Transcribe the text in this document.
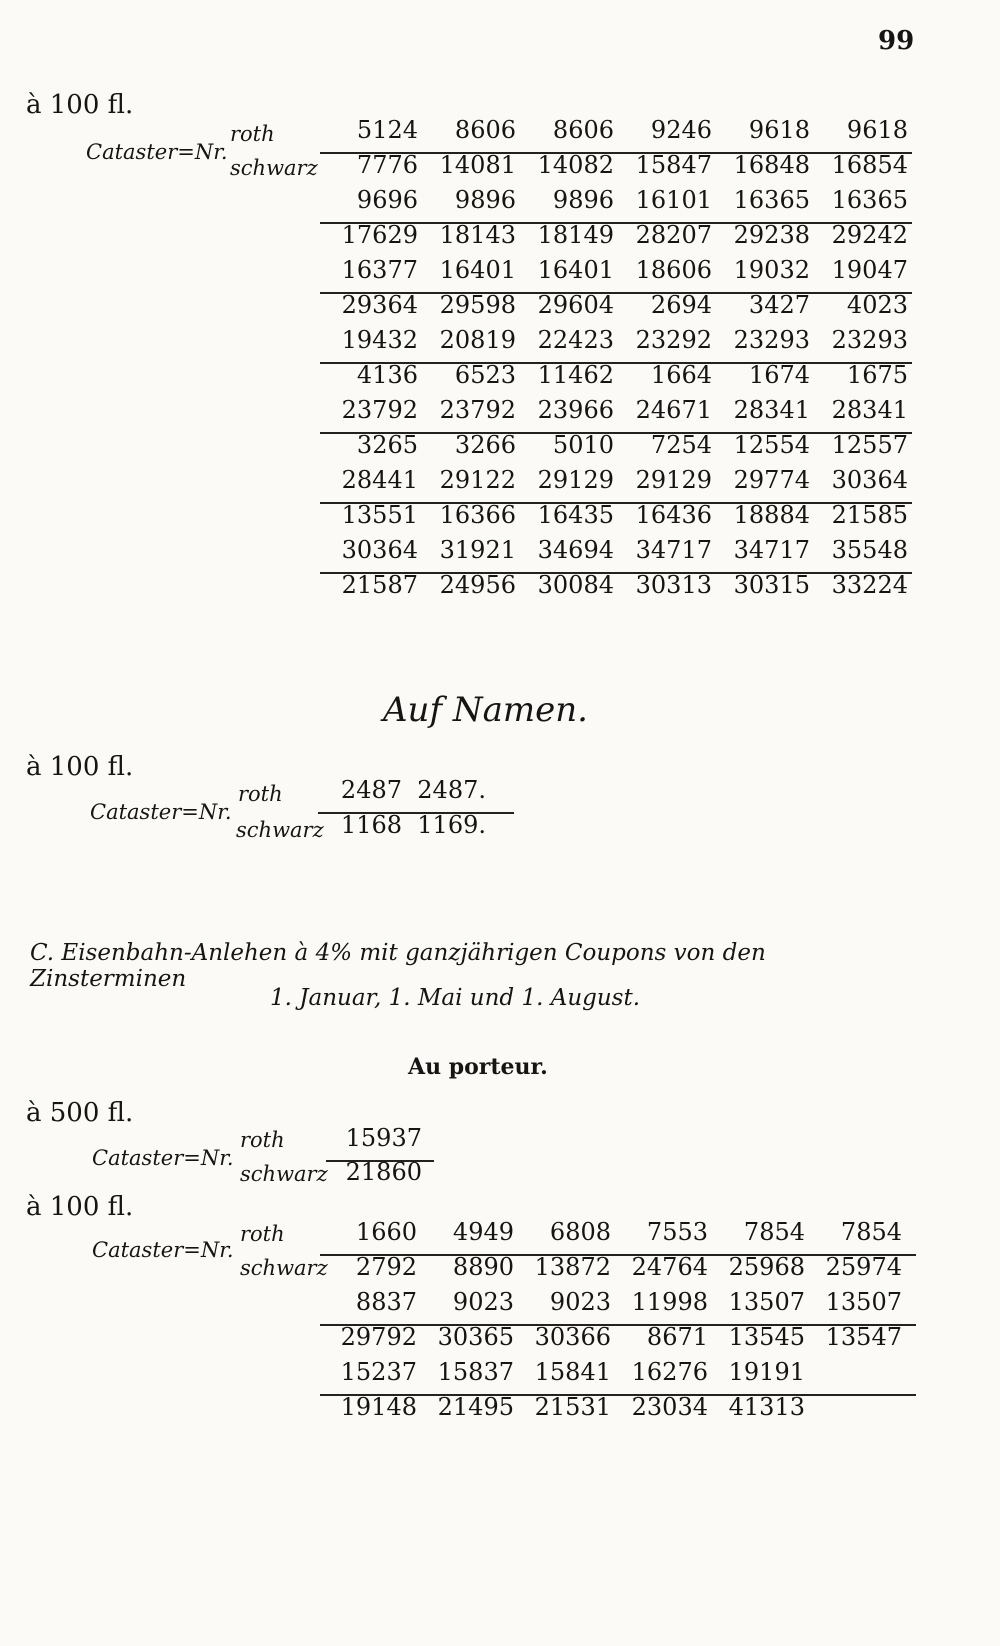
99
à 100 fl.
Cataster=Nr.
roth
schwarz
5124	8606	8606	9246	9618	9618
7776 14081 14082 15847 16848 16854
9696	9896	9896 16101 16365 16365
17629 18143 18149 28207 29238 29242
16377 16401 16401 18606 19032 19047
29364 29598 29604	2694	3427	4023
19432 20819 22423 23292 23293 23293
4136	6523 11462	1664	1674	1675
23792 23792 23966 24671 28341 28341
3265	3266	5010	7254 12554 12557
28441 29122 29129 29129 29774 30364
13551 16366 16435 16436 18884 21585
30364 31921 34694 34717 34717 35548
21587 24956 30084 30313 30315 33224
Auf Namen.
à 100 fl.
Cataster=Nr.
roth
schwarz
2487 2487.
1168 1169.
C. Eisenbahn-Anlehen à 4% mit ganzjährigen Coupons von den Zinsterminen
1. Januar, 1. Mai und 1. August.
Au porteur.
à 500 fl.
Cataster=Nr.
roth
schwarz
15937
21860
à 100 fl.
Cataster=Nr.
roth
schwarz
1660	4949	6808	7553	7854	7854
2792	8890 13872 24764 25968 25974
8837	9023	9023 11998 13507 13507
29792 30365 30366	8671 13545 13547
15237 15837 15841 16276 19191
19148 21495 21531 23034 41313
